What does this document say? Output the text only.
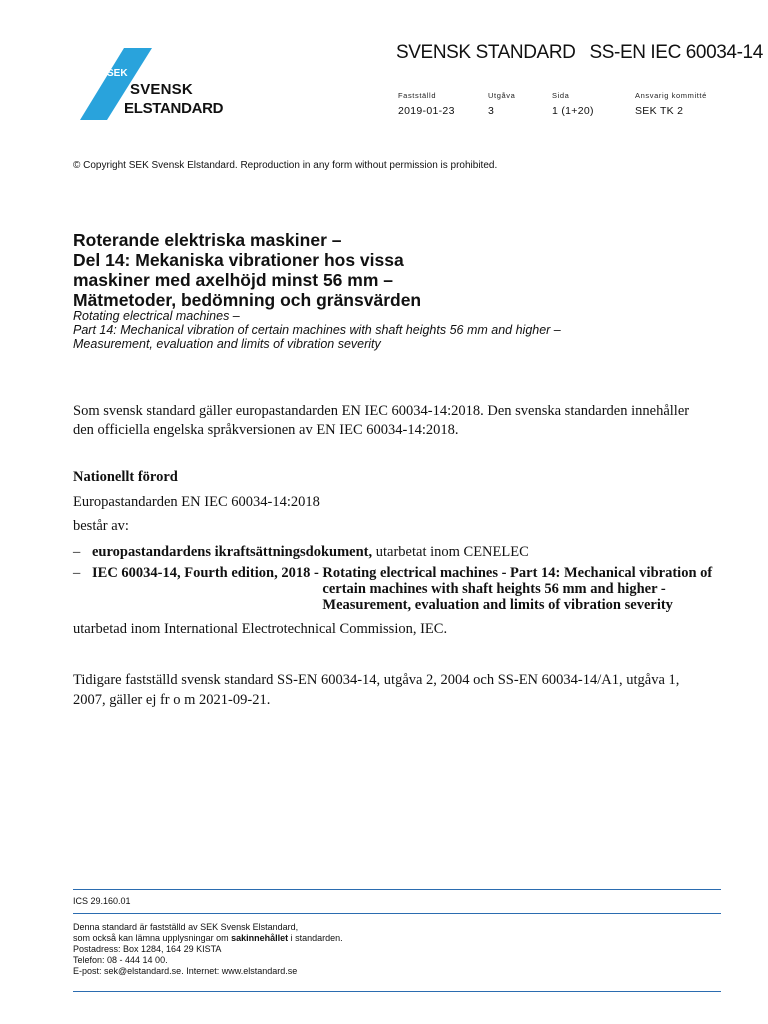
SEK
SVENSK
ELSTANDARD
SVENSK STANDARD SS-EN IEC 60034-14
Fastställd
2019-01-23
Utgåva
3
Sida
1 (1+20)
Ansvarig kommitté
SEK TK 2
© Copyright SEK Svensk Elstandard. Reproduction in any form without permission is prohibited.
Roterande elektriska maskiner –
Del 14: Mekaniska vibrationer hos vissa
maskiner med axelhöjd minst 56 mm –
Mätmetoder, bedömning och gränsvärden
Rotating electrical machines –
Part 14: Mechanical vibration of certain machines with shaft heights 56 mm and higher –
Measurement, evaluation and limits of vibration severity
Som svensk standard gäller europastandarden EN IEC 60034-14:2018. Den svenska standarden innehåller den officiella engelska språkversionen av EN IEC 60034-14:2018.
Nationellt förord
Europastandarden EN IEC 60034-14:2018
består av:
– europastandardens ikraftsättningsdokument, utarbetat inom CENELEC
– IEC 60034-14, Fourth edition, 2018 - Rotating electrical machines - Part 14: Mechanical vibration of certain machines with shaft heights 56 mm and higher - Measurement, evaluation and limits of vibration severity
utarbetad inom International Electrotechnical Commission, IEC.
Tidigare fastställd svensk standard SS-EN 60034-14, utgåva 2, 2004 och SS-EN 60034-14/A1, utgåva 1, 2007, gäller ej fr o m 2021-09-21.
ICS 29.160.01
Denna standard är fastställd av SEK Svensk Elstandard,
som också kan lämna upplysningar om sakinnehållet i standarden.
Postadress: Box 1284, 164 29 KISTA
Telefon: 08 - 444 14 00.
E-post: sek@elstandard.se. Internet: www.elstandard.se
